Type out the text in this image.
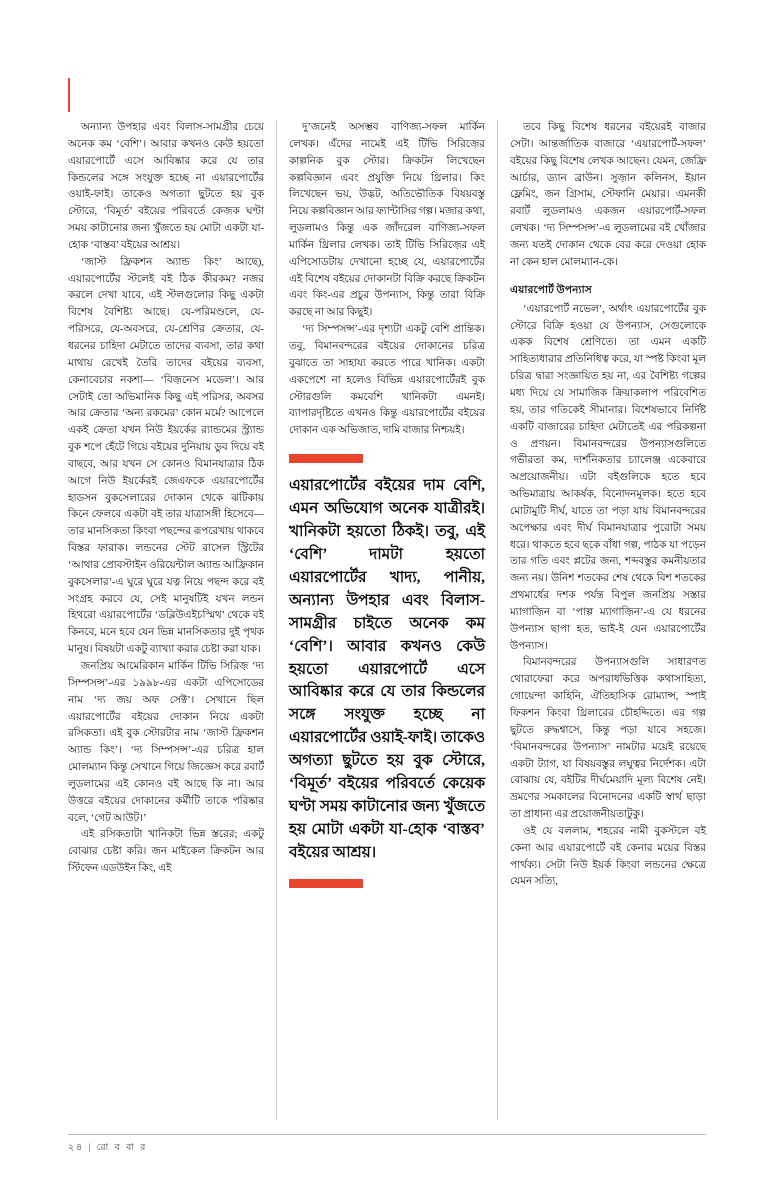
অন্যান্য উপহার এবং বিলাস-সামগ্রীর চেয়ে অনেক কম ‘বেশি’। আবার কখনও কেউ হয়তো এয়ারপোর্টে এসে আবিষ্কার করে যে তার কিন্ডলের সঙ্গে সংযুক্ত হচ্ছে না এয়ারপোর্টের ওয়াই-ফাই। তাকেও অগত্যা ছুটতে হয় বুক স্টোরে, ‘বিমূর্ত’ বইয়ের পরিবর্তে কেজক ঘণ্টা সময় কাটানোর জন্য খুঁজতে হয় মোটা একটা যা-হোক ‘বাস্তব’ বইয়ের আশ্রয়।

‘জাস্ট ফ্রিকশন অ্যান্ড কিং’ আছে), এয়ারপোর্টের স্টলেই বই ঠিক কীরকম? নজর করলে দেখা যাবে, এই স্টলগুলোর কিছু একটা বিশেষ বৈশিষ্ট্য আছে। যে-পরিমণ্ডলে, যে-পরিসরে, যে-অবসরে, যে-শ্রেণির ক্রেতার, যে-ধরনের চাহিদা মেটাতে তাদের ব্যবসা, তার কথা মাথায় রেখেই তৈরি তাদের বইয়ের ব্যবসা, কেনাবেচার নকশা— ‘বিজ়নেস মডেল’। আর সেটাই তো অভিমানিক কিছু এই পরিসর, অবসর আর ক্রেতার ‘অন্য রকমের’ কোন মর্মে? আপেলে একই ক্রেতা যখন নিউ ইয়র্কের র‌্যান্ডমের স্ট্র্যান্ড বুক শপে হেঁটে গিয়ে বইয়ের দুনিয়ায় ডুব দিয়ে বই বাছবে, আর যখন সে কোনও বিমানযাত্রার ঠিক আগে নিউ ইয়র্কেরই জেএফকে এয়ারপোর্টের হাডসন বুকসেলারের দোকান থেকে ঝটিকায় কিনে ফেলবে একটা বই তার যাত্রাসঙ্গী হিসেবে— তার মানসিকতা কিংবা পছন্দের রূপরেখায় থাকবে বিস্তর ফারাক। লন্ডনের স্টেট রাসেল স্ট্রিটের ‘আথার প্রোবস্টাইন ওরিয়েন্টাল অ্যান্ড আফ্রিকান বুকসেলার’-এ ঘুরে ঘুরে যত্ন নিয়ে পছন্দ করে বই সংগ্রহ করবে যে, সেই মানুষটিই যখন লন্ডন হিথরো এয়ারপোর্টের ‘ডব্লিউএইচস্মিথ’ থেকে বই কিনবে, মনে হবে যেন ভিন্ন মানসিকতার দুই পৃথক মানুষ। বিষয়টা একটু ব্যাখ্যা করার চেষ্টা করা যাক।

জনপ্রিয় আমেরিকান মার্কিন টিভি সিরিজ় ‘দ্য সিম্পসন্স’-এর ১৯৯৮-এর একটা এপিসোডের নাম ‘দ্য জয় অফ সেক্ট’। সেখানে ছিল এয়ারপোর্টের বইয়ের দোকান নিয়ে একটা রসিকতা। এই বুক স্টোরটার নাম ‘জাস্ট ফ্রিকশন অ্যান্ড কিং’। ‘দ্য সিম্পসন্স’-এর চরিত্র হাল মোলম্যান কিন্তু সেখানে গিয়ে জিজ্ঞেস করে রবার্ট লুডলামের এই কোনও বই আছে কি না। আর উত্তরে বইয়ের দোকানের কর্মীটি তাকে পরিষ্কার বলে, ‘গেট আউট।’

এই রসিকতাটা খানিকটা ভিন্ন স্তরের; একটু বোঝার চেষ্টা করি। জন মাইকেল ক্রিকটন আর স্টিফেন এডউইন কিং, এই

দু’জনেই অসম্ভব বাণিজ্য-সফল মার্কিন লেখক। এঁদের নামেই এই টিভি সিরিজ়ের কাল্পনিক বুক স্টোর। ক্রিকটন লিখেছেন কল্পবিজ্ঞান এবং প্রযুক্তি নিয়ে থ্রিলার। কিং লিখেছেন ভয়, উদ্ভট, অতিভৌতিক বিষয়বস্তু নিয়ে কল্পবিজ্ঞান আর ফ্যান্টাসির গল্প। মজার কথা, লুডলামও কিন্তু এক জাঁদরেল বাণিজ্য-সফল মার্কিন থ্রিলার লেখক। তাই টিভি সিরিজ়ের এই এপিসোডটায় দেখানো হচ্ছে যে, এয়ারপোর্টের এই বিশেষ বইয়ের দোকানটা বিক্রি করছে ক্রিকটন এবং কিং-এর প্রচুর উপন্যাস, কিন্তু তারা বিক্রি করছে না আর কিছুই।

‘দ্য সিম্পসন্স’-এর দৃশ্যটা একটু বেশি প্রান্তিক। তবু, বিমানবন্দরের বইয়ের দোকানের চরিত্র বুঝাতে তা সাহায্য করতে পারে খানিক। একটা একপেশে না হলেও বিভিন্ন এয়ারপোর্টেরই বুক স্টোরগুলি কমবেশি খানিকটা এমনই। ব্যাপারদৃষ্টিতে এখনও কিন্তু এয়ারপোর্টের বইয়ের দোকান এক অভিজাত, দামি বাজার নিশ্চয়ই।

এয়ারপোর্টের বইয়ের দাম বেশি, এমন অভিযোগ অনেক যাত্রীরই। খানিকটা হয়তো ঠিকই। তবু, এই ‘বেশি’ দামটা হয়তো এয়ারপোর্টের খাদ্য, পানীয়, অন্যান্য উপহার এবং বিলাস-সামগ্রীর চাইতে অনেক কম ‘বেশি’। আবার কখনও কেউ হয়তো এয়ারপোর্টে এসে আবিষ্কার করে যে তার কিন্ডলের সঙ্গে সংযুক্ত হচ্ছে না এয়ারপোর্টের ওয়াই-ফাই। তাকেও অগত্যা ছুটতে হয় বুক স্টোরে, ‘বিমূর্ত’ বইয়ের পরিবর্তে কেয়েক ঘণ্টা সময় কাটানোর জন্য খুঁজতে হয় মোটা একটা যা-হোক ‘বাস্তব’ বইয়ের আশ্রয়।

তবে কিছু বিশেষ ধরনের বইয়েরই বাজার সেটা। আন্তর্জাতিক বাজারে ‘এয়ারপোর্ট-সফল’ বইয়ের কিছু বিশেষ লেখক আছেন। যেমন, জেফ্রি আর্চার, ড্যান ব্রাউন। সুজ়ান কলিনস, ইয়ান ফ্লেমিং, জন গ্রিসাম, স্টেফানি মেয়ার। এমনকী রবার্ট লুডলামও একজন এয়ারপোর্ট-সফল লেখক। ‘দ্য সিম্পসন্স’-এ লুডলামের বই খোঁজার জন্য যতই দোকান থেকে বের করে দেওয়া হোক না কেন হাল মোলম্যান-কে।

এয়ারপোর্ট উপন্যাস

‘এয়ারপোর্ট নভেল’, অর্থাৎ এয়ারপোর্টের বুক স্টোরে বিক্রি হওয়া যে উপন্যাস, সেগুলোকে একক বিশেষ শ্রেণিতে। তা এমন একটি সাহিত্যধারার প্রতিনিধিত্ব করে, যা স্পষ্ট কিংবা মূল চরিত্র দ্বারা সংজ্ঞায়িত হয় না, এর বৈশিষ্ট্য গল্পের মধ্য দিয়ে যে সামাজিক ক্রিয়াকলাপ পরিবেশিত হয়, তার গতিকেই সীমানার। বিশেষভাবে নির্দিষ্ট একটি বাজারের চাহিদা মেটাতেই এর পরিকল্পনা ও প্রণয়ন। বিমানবন্দরের উপন্যাসগুলিতে গভীরতা কম, দার্শনিকতার চ্যালেঞ্জ একেবারে অপ্রয়োজনীয়। এটা বইগুলিকে হতে হবে অভিমাত্রায় আকর্ষক, বিনোদনমূলক। হতে হবে মোটামুটি দীর্ঘ, যাতে তা পড়া যায় বিমানবন্দরের অপেক্ষার এবং দীর্ঘ বিমানযাত্রার পুরোটা সময় ধরে। থাকতে হবে ছকে বাঁধা গল্প, পাঠক যা পড়েন তার গতি এবং প্লটের জন্য, শব্দবস্তুর কমনীয়তার জন্য নয়। উনিশ শতকের শেষ থেকে বিশ শতকের প্রথমার্ধের দশক পর্যন্ত বিপুল জনপ্রিয় সস্তার ম্যাগাজ়িন বা ‘পাল্প ম্যাগাজ়িন’-এ যে ধরনের উপন্যাস ছাপা হত, ভাই-ই যেন এয়ারপোর্টের উপন্যাস।

বিমানবন্দরের উপন্যাসগুলি সাধারণত থোরাফেরা করে অপরাধভিত্তিক কথাসাহিত্য, গোয়েন্দা কাহিনি, ঐতিহাসিক রোম্যান্স, স্পাই ফিকশন কিংবা থ্রিলারের চৌহদ্দিতে। এর গল্প ছুটতে রুদ্ধশ্বাসে, কিন্তু পড়া যাবে সহজে। ‘বিমানবন্দরের উপন্যাস’ নামটার ময়েই রয়েছে একটা ট্যাগ, যা বিষয়বস্তুর লঘুত্বর নির্দেশক। এটা বোঝায় যে, বইটির দীর্ঘমেয়াদি মূল্য বিশেষ নেই। ভ্রমণের সমকালের বিনোদনের একটি স্বার্থ ছাড়া তা প্রাধান্য এর প্রয়োজনীয়তাটুকু।

ওই যে বললাম, শহরের নামী বুকস্টলে বই কেনা আর এয়ারপোর্টে বই কেনার ময়ের বিস্তর পার্থক্য। সেটা নিউ ইয়র্ক কিংবা লন্ডনের ক্ষেত্রে যেমন সত্যি,

২৪ | রো ব বা র
